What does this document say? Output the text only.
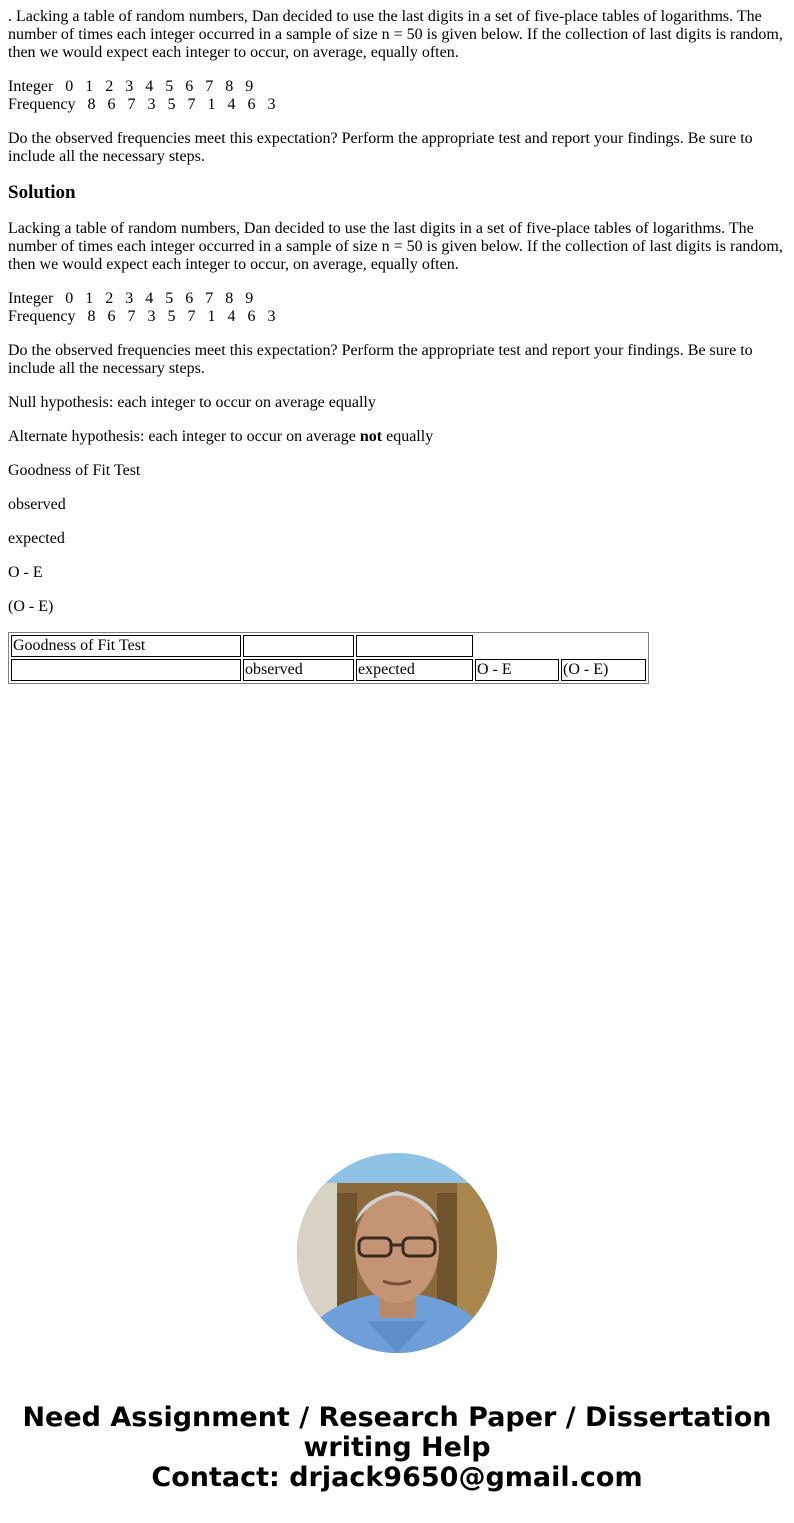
. Lacking a table of random numbers, Dan decided to use the last digits in a set of five-place tables of logarithms. The number of times each integer occurred in a sample of size n = 50 is given below. If the collection of last digits is random, then we would expect each integer to occur, on average, equally often.

Integer   0   1   2   3   4   5   6   7   8   9
Frequency   8   6   7   3   5   7   1   4   6   3

Do the observed frequencies meet this expectation? Perform the appropriate test and report your findings. Be sure to include all the necessary steps.

Solution

Lacking a table of random numbers, Dan decided to use the last digits in a set of five-place tables of logarithms. The number of times each integer occurred in a sample of size n = 50 is given below. If the collection of last digits is random, then we would expect each integer to occur, on average, equally often.

Integer   0   1   2   3   4   5   6   7   8   9
Frequency   8   6   7   3   5   7   1   4   6   3

Do the observed frequencies meet this expectation? Perform the appropriate test and report your findings. Be sure to include all the necessary steps.

Null hypothesis: each integer to occur on average equally

Alternate hypothesis: each integer to occur on average not equally

Goodness of Fit Test

observed

expected

O - E

(O - E)

Goodness of Fit Test				
	observed	expected	O - E	(O - E)
Need Assignment / Research Paper / Dissertation
writing Help
Contact: drjack9650@gmail.com
